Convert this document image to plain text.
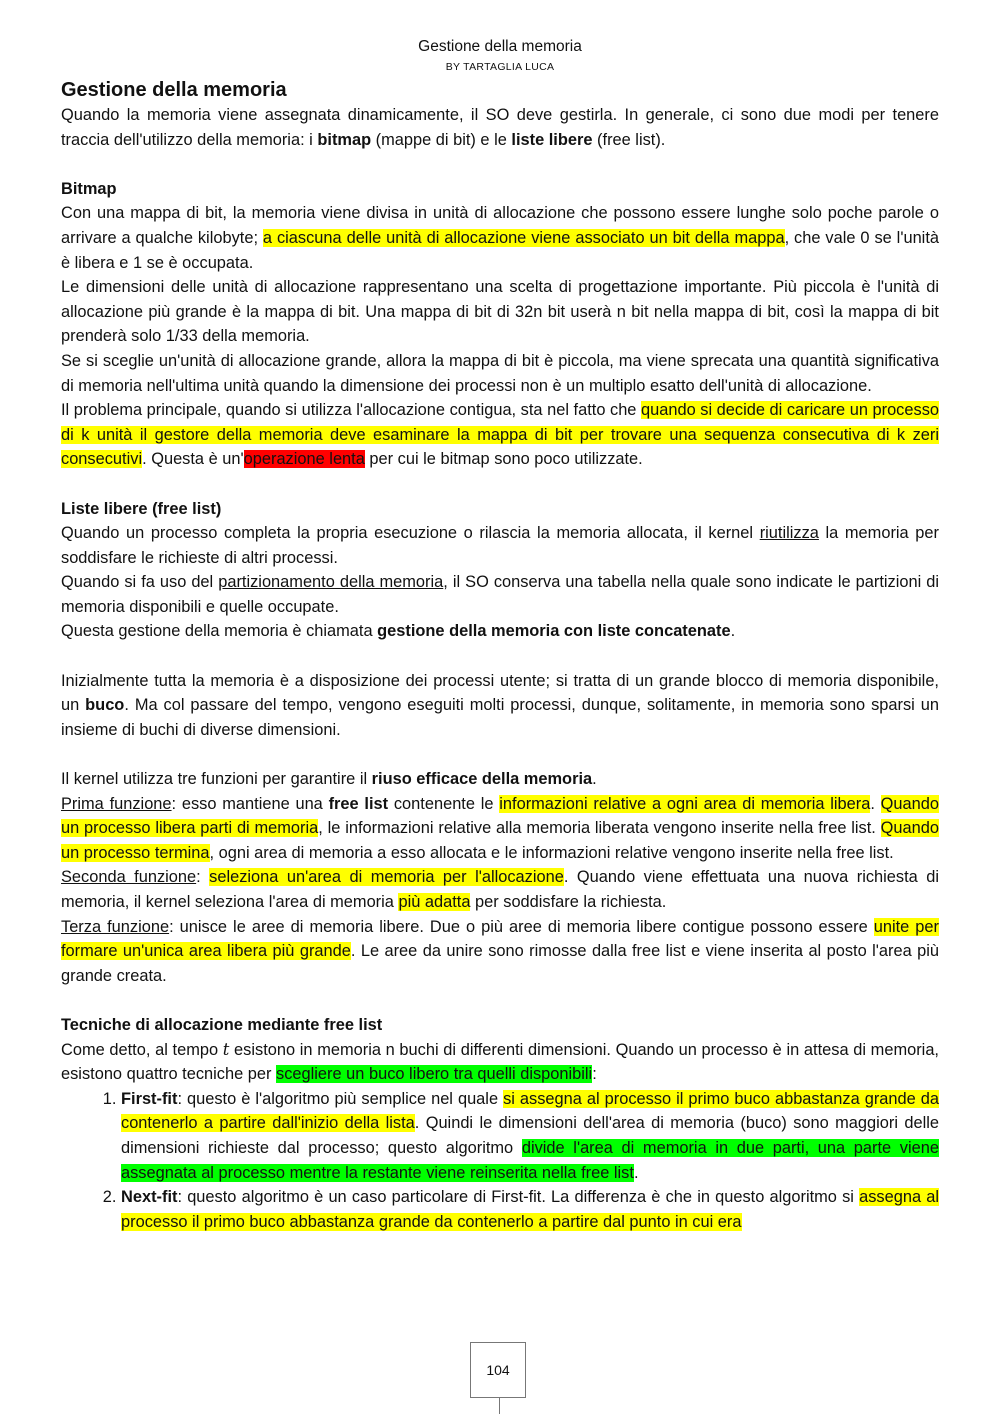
Gestione della memoria
BY TARTAGLIA LUCA
Gestione della memoria

Quando la memoria viene assegnata dinamicamente, il SO deve gestirla. In generale, ci sono due modi per tenere traccia dell'utilizzo della memoria: i bitmap (mappe di bit) e le liste libere (free list).

Bitmap

Con una mappa di bit, la memoria viene divisa in unità di allocazione che possono essere lunghe solo poche parole o arrivare a qualche kilobyte; a ciascuna delle unità di allocazione viene associato un bit della mappa, che vale 0 se l'unità è libera e 1 se è occupata.

Le dimensioni delle unità di allocazione rappresentano una scelta di progettazione importante. Più piccola è l'unità di allocazione più grande è la mappa di bit. Una mappa di bit di 32n bit userà n bit nella mappa di bit, così la mappa di bit prenderà solo 1/33 della memoria.

Se si sceglie un'unità di allocazione grande, allora la mappa di bit è piccola, ma viene sprecata una quantità significativa di memoria nell'ultima unità quando la dimensione dei processi non è un multiplo esatto dell'unità di allocazione.

Il problema principale, quando si utilizza l'allocazione contigua, sta nel fatto che quando si decide di caricare un processo di k unità il gestore della memoria deve esaminare la mappa di bit per trovare una sequenza consecutiva di k zeri consecutivi. Questa è un'operazione lenta per cui le bitmap sono poco utilizzate.

Liste libere (free list)

Quando un processo completa la propria esecuzione o rilascia la memoria allocata, il kernel riutilizza la memoria per soddisfare le richieste di altri processi.

Quando si fa uso del partizionamento della memoria, il SO conserva una tabella nella quale sono indicate le partizioni di memoria disponibili e quelle occupate.

Questa gestione della memoria è chiamata gestione della memoria con liste concatenate.

Inizialmente tutta la memoria è a disposizione dei processi utente; si tratta di un grande blocco di memoria disponibile, un buco. Ma col passare del tempo, vengono eseguiti molti processi, dunque, solitamente, in memoria sono sparsi un insieme di buchi di diverse dimensioni.

Il kernel utilizza tre funzioni per garantire il riuso efficace della memoria.

Prima funzione: esso mantiene una free list contenente le informazioni relative a ogni area di memoria libera. Quando un processo libera parti di memoria, le informazioni relative alla memoria liberata vengono inserite nella free list. Quando un processo termina, ogni area di memoria a esso allocata e le informazioni relative vengono inserite nella free list.

Seconda funzione: seleziona un'area di memoria per l'allocazione. Quando viene effettuata una nuova richiesta di memoria, il kernel seleziona l'area di memoria più adatta per soddisfare la richiesta.

Terza funzione: unisce le aree di memoria libere. Due o più aree di memoria libere contigue possono essere unite per formare un'unica area libera più grande. Le aree da unire sono rimosse dalla free list e viene inserita al posto l'area più grande creata.

Tecniche di allocazione mediante free list

Come detto, al tempo t esistono in memoria n buchi di differenti dimensioni. Quando un processo è in attesa di memoria, esistono quattro tecniche per scegliere un buco libero tra quelli disponibili:

1. First-fit: questo è l'algoritmo più semplice nel quale si assegna al processo il primo buco abbastanza grande da contenerlo a partire dall'inizio della lista. Quindi le dimensioni dell'area di memoria (buco) sono maggiori delle dimensioni richieste dal processo; questo algoritmo divide l'area di memoria in due parti, una parte viene assegnata al processo mentre la restante viene reinserita nella free list.
2. Next-fit: questo algoritmo è un caso particolare di First-fit. La differenza è che in questo algoritmo si assegna al processo il primo buco abbastanza grande da contenerlo a partire dal punto in cui era
104
